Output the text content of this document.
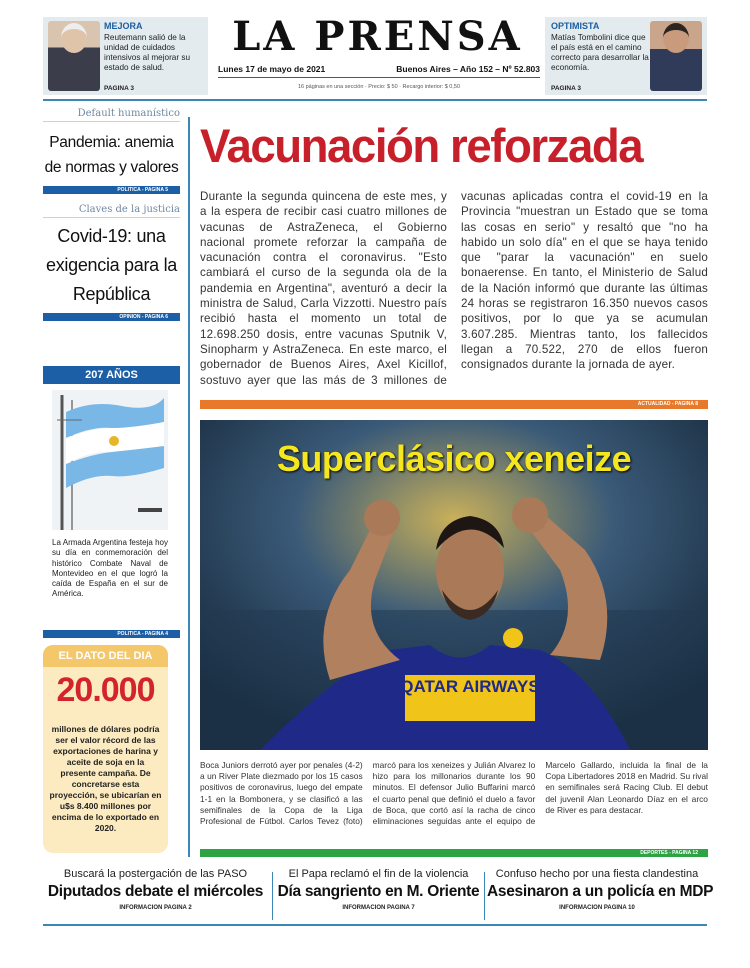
MEJORA
Reutemann salió de la unidad de cuidados intensivos al mejorar su estado de salud.
PAGINA 3
LA PRENSA
Lunes 17 de mayo de 2021	Buenos Aires – Año 152 – Nº 52.803
16 páginas en una sección · Precio: $ 50 · Recargo interior: $ 0,50
OPTIMISTA
Matías Tombolini dice que el país está en el camino correcto para desarrollar la economía.
PAGINA 3
Default humanístico
Pandemia: anemia de normas y valores
POLITICA - PAGINA 5
Claves de la justicia
Covid-19: una exigencia para la República
OPINION - PAGINA 6
207 AÑOS
La Armada Argentina festeja hoy su día en conmemoración del histórico Combate Naval de Montevideo en el que logró la caída de España en el sur de América.
POLITICA - PAGINA 4
EL DATO DEL DIA
20.000
millones de dólares podría ser el valor récord de las exportaciones de harina y aceite de soja en la presente campaña. De concretarse esta proyección, se ubicarían en u$s 8.400 millones por encima de lo exportado en 2020.
Vacunación reforzada
Durante la segunda quincena de este mes, y a la espera de recibir casi cuatro millones de vacunas de AstraZeneca, el Gobierno nacional promete reforzar la campaña de vacunación contra el coronavirus. "Esto cambiará el curso de la segunda ola de la pandemia en Argentina", aventuró a decir la ministra de Salud, Carla Vizzotti. Nuestro país recibió hasta el momento un total de 12.698.250 dosis, entre vacunas Sputnik V, Sinopharm y AstraZeneca. En este marco, el gobernador de Buenos Aires, Axel Kicillof, sostuvo ayer que las más de 3 millones de vacunas aplicadas contra el covid-19 en la Provincia "muestran un Estado que se toma las cosas en serio" y resaltó que "no ha habido un solo día" en el que se haya tenido que "parar la vacunación" en suelo bonaerense. En tanto, el Ministerio de Salud de la Nación informó que durante las últimas 24 horas se registraron 16.350 nuevos casos positivos, por lo que ya se acumulan 3.607.285. Mientras tanto, los fallecidos llegan a 70.522, 270 de ellos fueron consignados durante la jornada de ayer.
ACTUALIDAD - PAGINA 8
QATAR AIRWAYS
Superclásico xeneize
Boca Juniors derrotó ayer por penales (4-2) a un River Plate diezmado por los 15 casos positivos de coronavirus, luego del empate 1-1 en la Bombonera, y se clasificó a las semifinales de la Copa de la Liga Profesional de Fútbol. Carlos Tevez (foto) marcó para los xeneizes y Julián Alvarez lo hizo para los millonarios durante los 90 minutos. El defensor Julio Buffarini marcó el cuarto penal que definió el duelo a favor de Boca, que cortó así la racha de cinco eliminaciones seguidas ante el equipo de Marcelo Gallardo, incluida la final de la Copa Libertadores 2018 en Madrid. Su rival en semifinales será Racing Club. El debut del juvenil Alan Leonardo Díaz en el arco de River es para destacar.
DEPORTES - PAGINA 12
Buscará la postergación de las PASO
Diputados debate el miércoles
INFORMACION PAGINA 2
El Papa reclamó el fin de la violencia
Día sangriento en M. Oriente
INFORMACION PAGINA 7
Confuso hecho por una fiesta clandestina
Asesinaron a un policía en MDP
INFORMACION PAGINA 10
